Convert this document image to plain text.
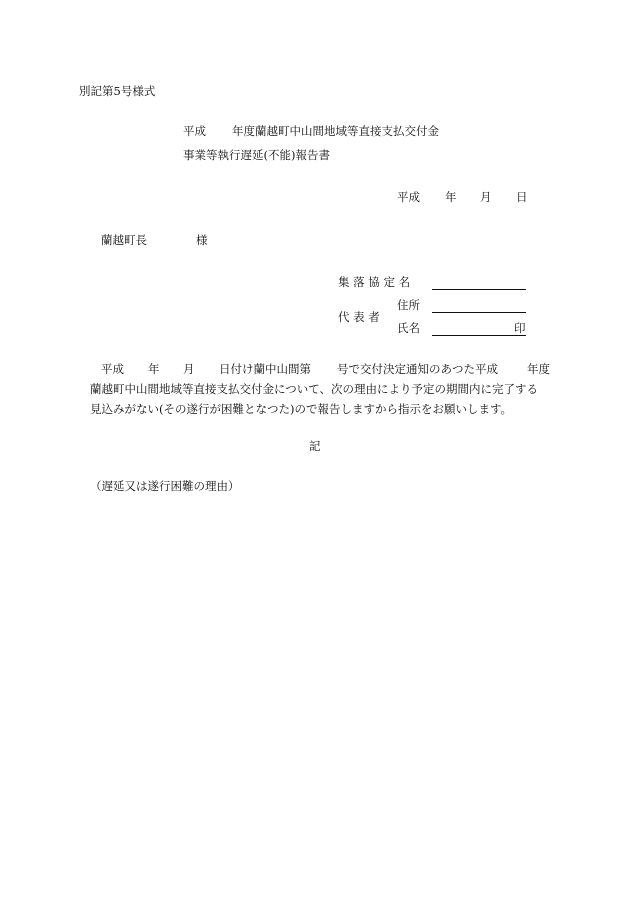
別記第5号様式
平成 年度蘭越町中山間地域等直接支払交付金
事業等執行遅延(不能)報告書
平成 年 月 日
蘭越町長	様
集 落 協 定 名
代 表 者
住所
氏名	印
平成 年 月 日付け蘭中山間第 号で交付決定通知のあつた平成	年度
蘭越町中山間地域等直接支払交付金について、次の理由により予定の期間内に完了する
見込みがない(その遂行が困難となつた)ので報告しますから指示をお願いします。
記
（遅延又は遂行困難の理由）
